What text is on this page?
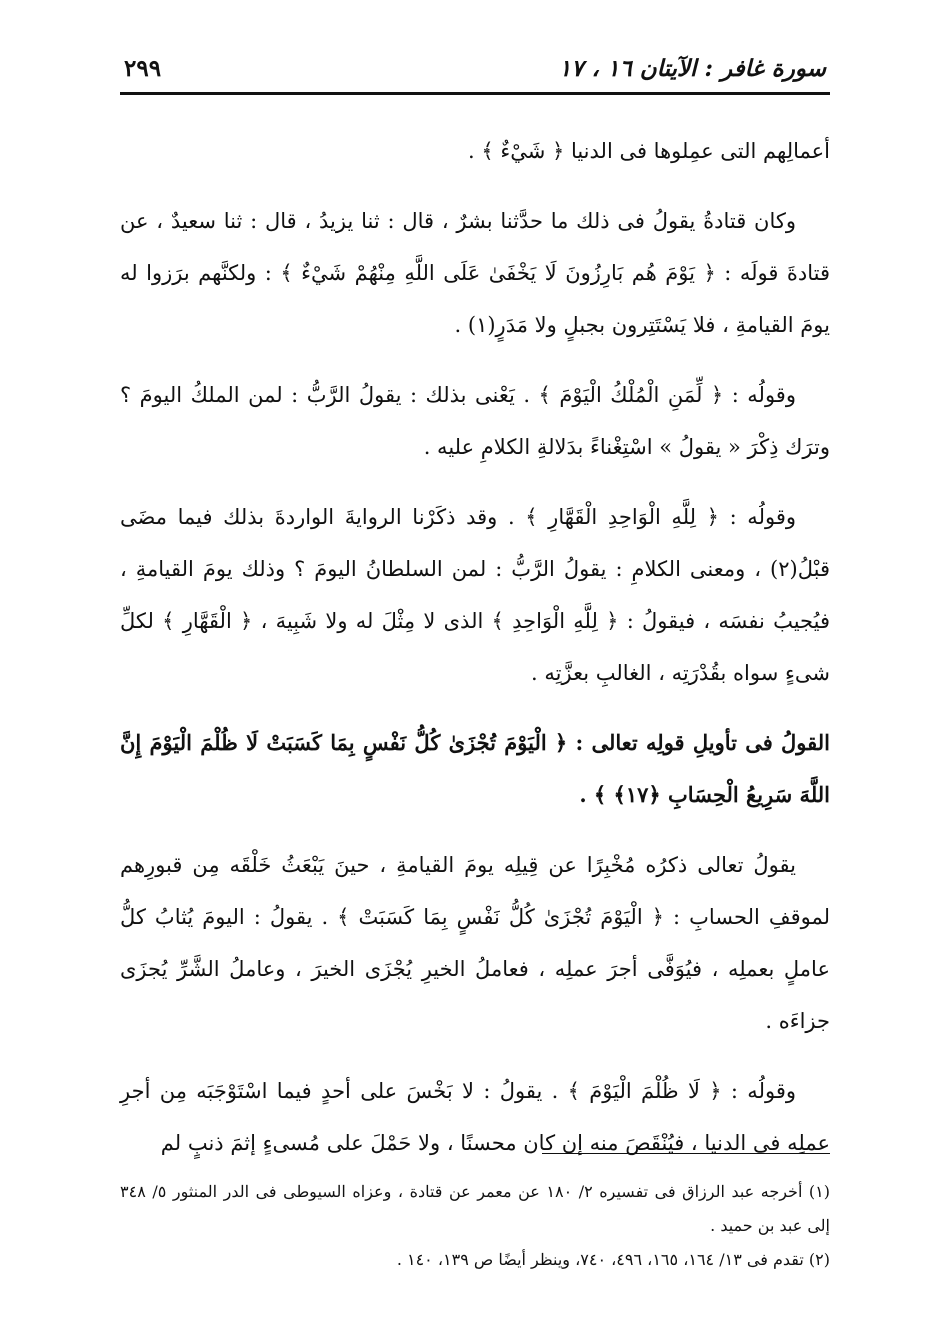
سورة غافر : الآيتان ١٦ ، ١٧
٢٩٩

أعمالِهم التى عمِلوها فى الدنيا ﴿ شَيْءٌ ﴾ .

وكان قتادةُ يقولُ فى ذلك ما حدَّثنا بشرٌ ، قال : ثنا يزيدُ ، قال : ثنا سعيدٌ ، عن قتادةَ قولَه : ﴿ يَوْمَ هُم بَارِزُونَ لَا يَخْفَىٰ عَلَى اللَّهِ مِنْهُمْ شَيْءٌ ﴾ : ولكنَّهم برَزوا له يومَ القيامةِ ، فلا يَسْتَتِرون بجبلٍ ولا مَدَرٍ(١) .

وقولُه : ﴿ لِّمَنِ الْمُلْكُ الْيَوْمَ ﴾ . يَعْنى بذلك : يقولُ الرَّبُّ : لمن الملكُ اليومَ ؟ وترَك ذِكْرَ « يقولُ » اسْتِغْناءً بدَلالةِ الكلامِ عليه .

وقولُه : ﴿ لِلَّهِ الْوَاحِدِ الْقَهَّارِ ﴾ . وقد ذكَرْنا الروايةَ الواردةَ بذلك فيما مضَى قبْلُ(٢) ، ومعنى الكلامِ : يقولُ الرَّبُّ : لمن السلطانُ اليومَ ؟ وذلك يومَ القيامةِ ، فيُجيبُ نفسَه ، فيقولُ : ﴿ لِلَّهِ الْوَاحِدِ ﴾ الذى لا مِثْلَ له ولا شَبِيهَ ، ﴿ الْقَهَّارِ ﴾ لكلِّ شىءٍ سواه بقُدْرَتِه ، الغالبِ بعزَّتِه .

القولُ فى تأويلِ قولِه تعالى : ﴿ الْيَوْمَ تُجْزَىٰ كُلُّ نَفْسٍ بِمَا كَسَبَتْ لَا ظُلْمَ الْيَوْمَ إِنَّ اللَّهَ سَرِيعُ الْحِسَابِ ﴿١٧﴾ ﴾ .

يقولُ تعالى ذكرُه مُخْبِرًا عن قِيلِه يومَ القيامةِ ، حينَ يَبْعَثُ خَلْقَه مِن قبورِهم لموقفِ الحسابِ : ﴿ الْيَوْمَ تُجْزَىٰ كُلُّ نَفْسٍ بِمَا كَسَبَتْ ﴾ . يقولُ : اليومَ يُثابُ كلُّ عاملٍ بعملِه ، فيُوَفَّى أجرَ عملِه ، فعاملُ الخيرِ يُجْزَى الخيرَ ، وعاملُ الشَّرِّ يُجزَى جزاءَه .

وقولُه : ﴿ لَا ظُلْمَ الْيَوْمَ ﴾ . يقولُ : لا بَخْسَ على أحدٍ فيما اسْتَوْجَبَه مِن أجرِ عملِه فى الدنيا ، فيُنْقَصَ منه إن كان محسنًا ، ولا حَمْلَ على مُسىءٍ إثمَ ذنبٍ لم

(١) أخرجه عبد الرزاق فى تفسيره ٢/ ١٨٠ عن معمر عن قتادة ، وعزاه السيوطى فى الدر المنثور ٥/ ٣٤٨ إلى عبد بن حميد .

(٢) تقدم فى ١٣/ ١٦٤، ١٦٥، ٤٩٦، ٧٤٠، وينظر أيضًا ص ١٣٩، ١٤٠ .
